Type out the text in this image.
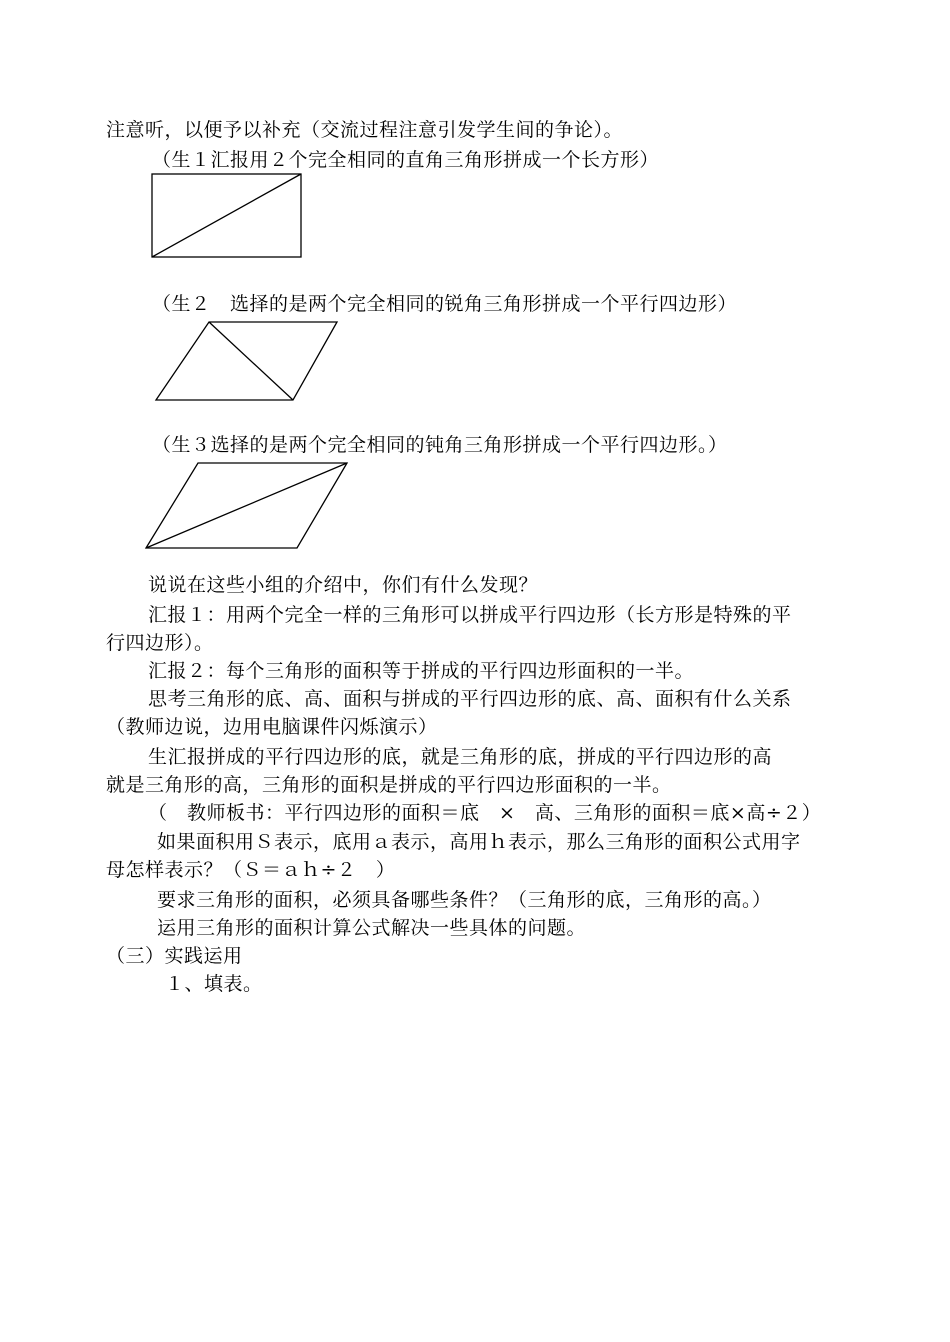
注意听，以便予以补充（交流过程注意引发学生间的争论）。
（生１汇报用２个完全相同的直角三角形拼成一个长方形）
（生２　选择的是两个完全相同的锐角三角形拼成一个平行四边形）
（生３选择的是两个完全相同的钝角三角形拼成一个平行四边形。）
说说在这些小组的介绍中，你们有什么发现？
汇报１：用两个完全一样的三角形可以拼成平行四边形（长方形是特殊的平
行四边形）。
汇报２：每个三角形的面积等于拼成的平行四边形面积的一半。
思考三角形的底、高、面积与拼成的平行四边形的底、高、面积有什么关系
（教师边说，边用电脑课件闪烁演示）
生汇报拼成的平行四边形的底，就是三角形的底，拼成的平行四边形的高
就是三角形的高，三角形的面积是拼成的平行四边形面积的一半。
（　教师板书：平行四边形的面积＝底　×　高、三角形的面积＝底×高÷２）
如果面积用Ｓ表示，底用ａ表示，高用ｈ表示，那么三角形的面积公式用字
母怎样表示？（Ｓ＝ａｈ÷２　）
要求三角形的面积，必须具备哪些条件？（三角形的底，三角形的高。）
运用三角形的面积计算公式解决一些具体的问题。
（三）实践运用
１、填表。
